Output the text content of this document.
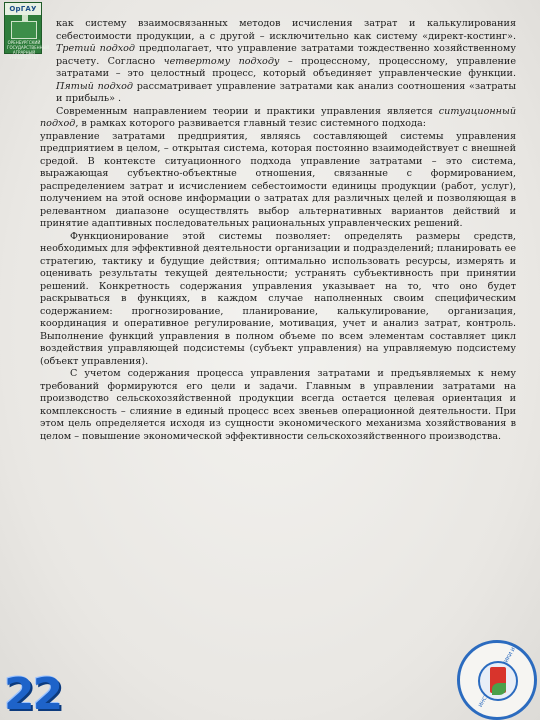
ОрГАУ
ОРЕНБУРГСКИЙ ГОСУДАРСТВЕННЫЙ АГРАРНЫЙ УНИВЕРСИТЕТ

как систему взаимосвязанных методов исчисления затрат и калькулирования себестоимости продукции, а с другой – исключительно как систему «директ-костинг». Третий подход предполагает, что управление затратами тождественно хозяйственному расчету. Согласно четвертому подходу – процессному, процессному, управление затратами – это целостный процесс, который объединяет управленческие функции. Пятый подход рассматривает управление затратами как анализ соотношения «затраты и прибыль» .

Современным направлением теории и практики управления является ситуационный подход, в рамках которого развивается главный тезис системного подхода:

управление затратами предприятия, являясь составляющей системы управления предприятием в целом, – открытая система, которая постоянно взаимодействует с внешней средой. В контексте ситуационного подхода управление затратами – это система, выражающая субъектно-объектные отношения, связанные с формированием, распределением затрат и исчислением себестоимости единицы продукции (работ, услуг), получением на этой основе информации о затратах для различных целей и позволяющая в релевантном диапазоне осуществлять выбор альтернативных вариантов действий и принятие адаптивных последовательных рациональных управленческих решений.

Функционирование этой системы позволяет: определять размеры средств, необходимых для эффективной деятельности организации и подразделений; планировать ее стратегию, тактику и будущие действия; оптимально использовать ресурсы, измерять и оценивать результаты текущей деятельности; устранять субъективность при принятии решений. Конкретность содержания управления указывает на то, что оно будет раскрываться в функциях, в каждом случае наполненных своим специфическим содержанием: прогнозирование, планирование, калькулирование, организация, координация и оперативное регулирование, мотивация, учет и анализ затрат, контроль. Выполнение функций управления в полном объеме по всем элементам составляет цикл воздействия управляющей подсистемы (субъект управления) на управляемую подсистему (объект управления).

С учетом содержания процесса управления затратами и предъявляемых к нему требований формируются его цели и задачи. Главным в управлении затратами на производство сельскохозяйственной продукции всегда остается целевая ориентация и комплексность – слияние в единый процесс всех звеньев операционной деятельности. При этом цель определяется исходя из сущности экономического механизма хозяйствования в целом – повышение экономической эффективности сельскохозяйственного производства.

22
И
